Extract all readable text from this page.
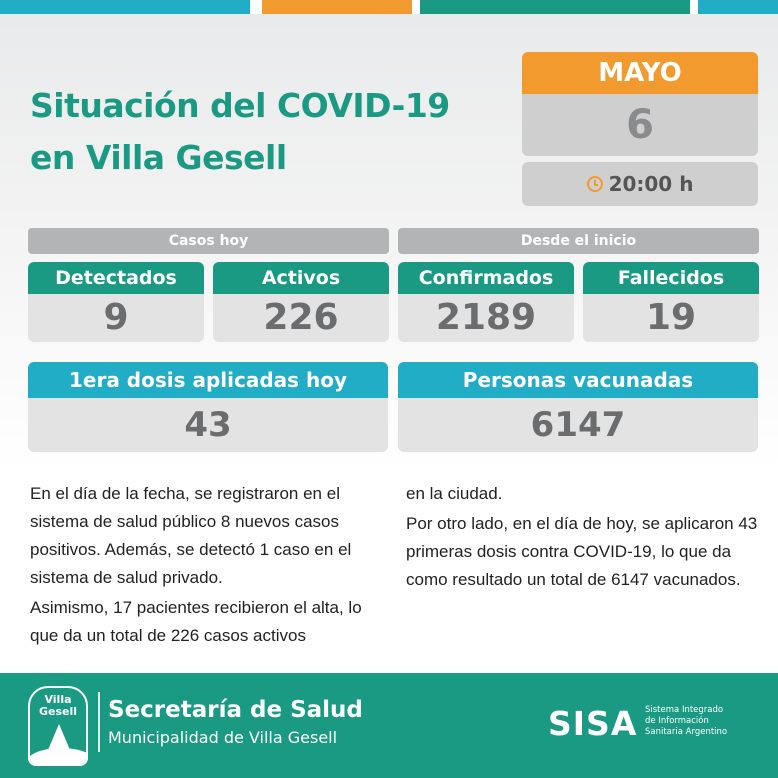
Situación del COVID-19
en Villa Gesell
MAYO
6
20:00 h
Casos hoy	Desde el inicio
Detectados
9
Activos
226
Confirmados
2189
Fallecidos
19
1era dosis aplicadas hoy
43
Personas vacunadas
6147

En el día de la fecha, se registraron en el sistema de salud público 8 nuevos casos positivos. Además, se detectó 1 caso en el sistema de salud privado.

Asimismo, 17 pacientes recibieron el alta, lo que da un total de 226 casos activos

en la ciudad.

Por otro lado, en el día de hoy, se aplicaron 43 primeras dosis contra COVID-19, lo que da como resultado un total de 6147 vacunados.

Villa
Gesell	Secretaría de Salud
Municipalidad de Villa Gesell	SISA Sistema Integrado
de Información
Sanitaria Argentino
